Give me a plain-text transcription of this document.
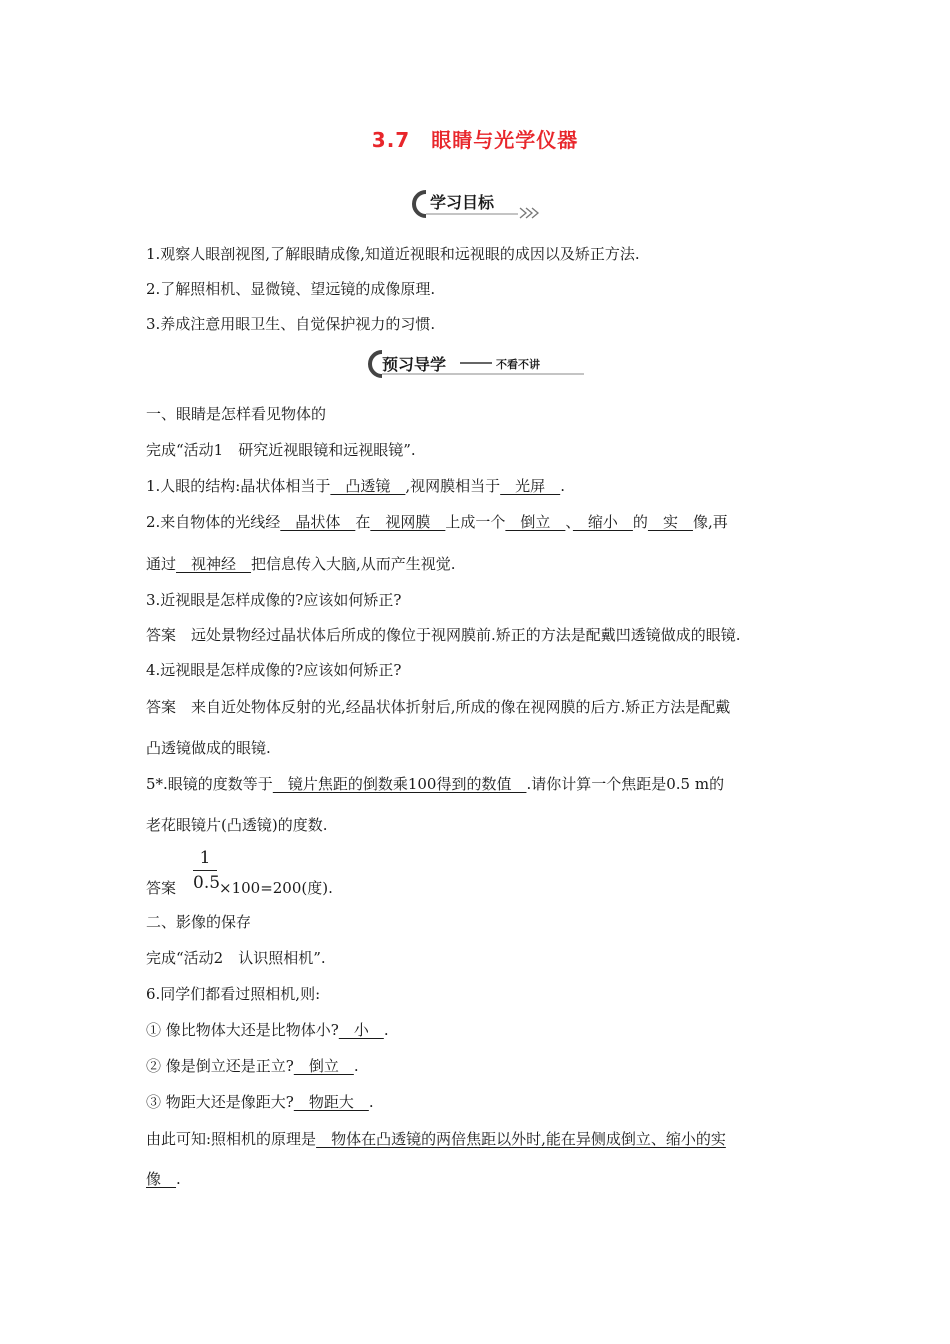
3.7　眼睛与光学仪器
学习目标
1.观察人眼剖视图,了解眼睛成像,知道近视眼和远视眼的成因以及矫正方法.
2.了解照相机、显微镜、望远镜的成像原理.
3.养成注意用眼卫生、自觉保护视力的习惯.
预习导学	不看不讲
一、眼睛是怎样看见物体的
完成“活动1　研究近视眼镜和远视眼镜”.
1.人眼的结构:晶状体相当于　凸透镜　,视网膜相当于　光屏　.
2.来自物体的光线经　晶状体　在　视网膜　上成一个　倒立　、　缩小　的　实　像,再
通过　视神经　把信息传入大脑,从而产生视觉.
3.近视眼是怎样成像的?应该如何矫正?
答案　远处景物经过晶状体后所成的像位于视网膜前.矫正的方法是配戴凹透镜做成的眼镜.
4.远视眼是怎样成像的?应该如何矫正?
答案　来自近处物体反射的光,经晶状体折射后,所成的像在视网膜的后方.矫正方法是配戴
凸透镜做成的眼镜.
5*.眼镜的度数等于　镜片焦距的倒数乘100得到的数值　.请你计算一个焦距是0.5 m的
老花眼镜片(凸透镜)的度数.
1
0.5
答案	×100=200(度).
二、影像的保存
完成“活动2　认识照相机”.
6.同学们都看过照相机,则:
① 像比物体大还是比物体小?　小　.
② 像是倒立还是正立?　倒立　.
③ 物距大还是像距大?　物距大　.
由此可知:照相机的原理是　物体在凸透镜的两倍焦距以外时,能在异侧成倒立、缩小的实
像　.
